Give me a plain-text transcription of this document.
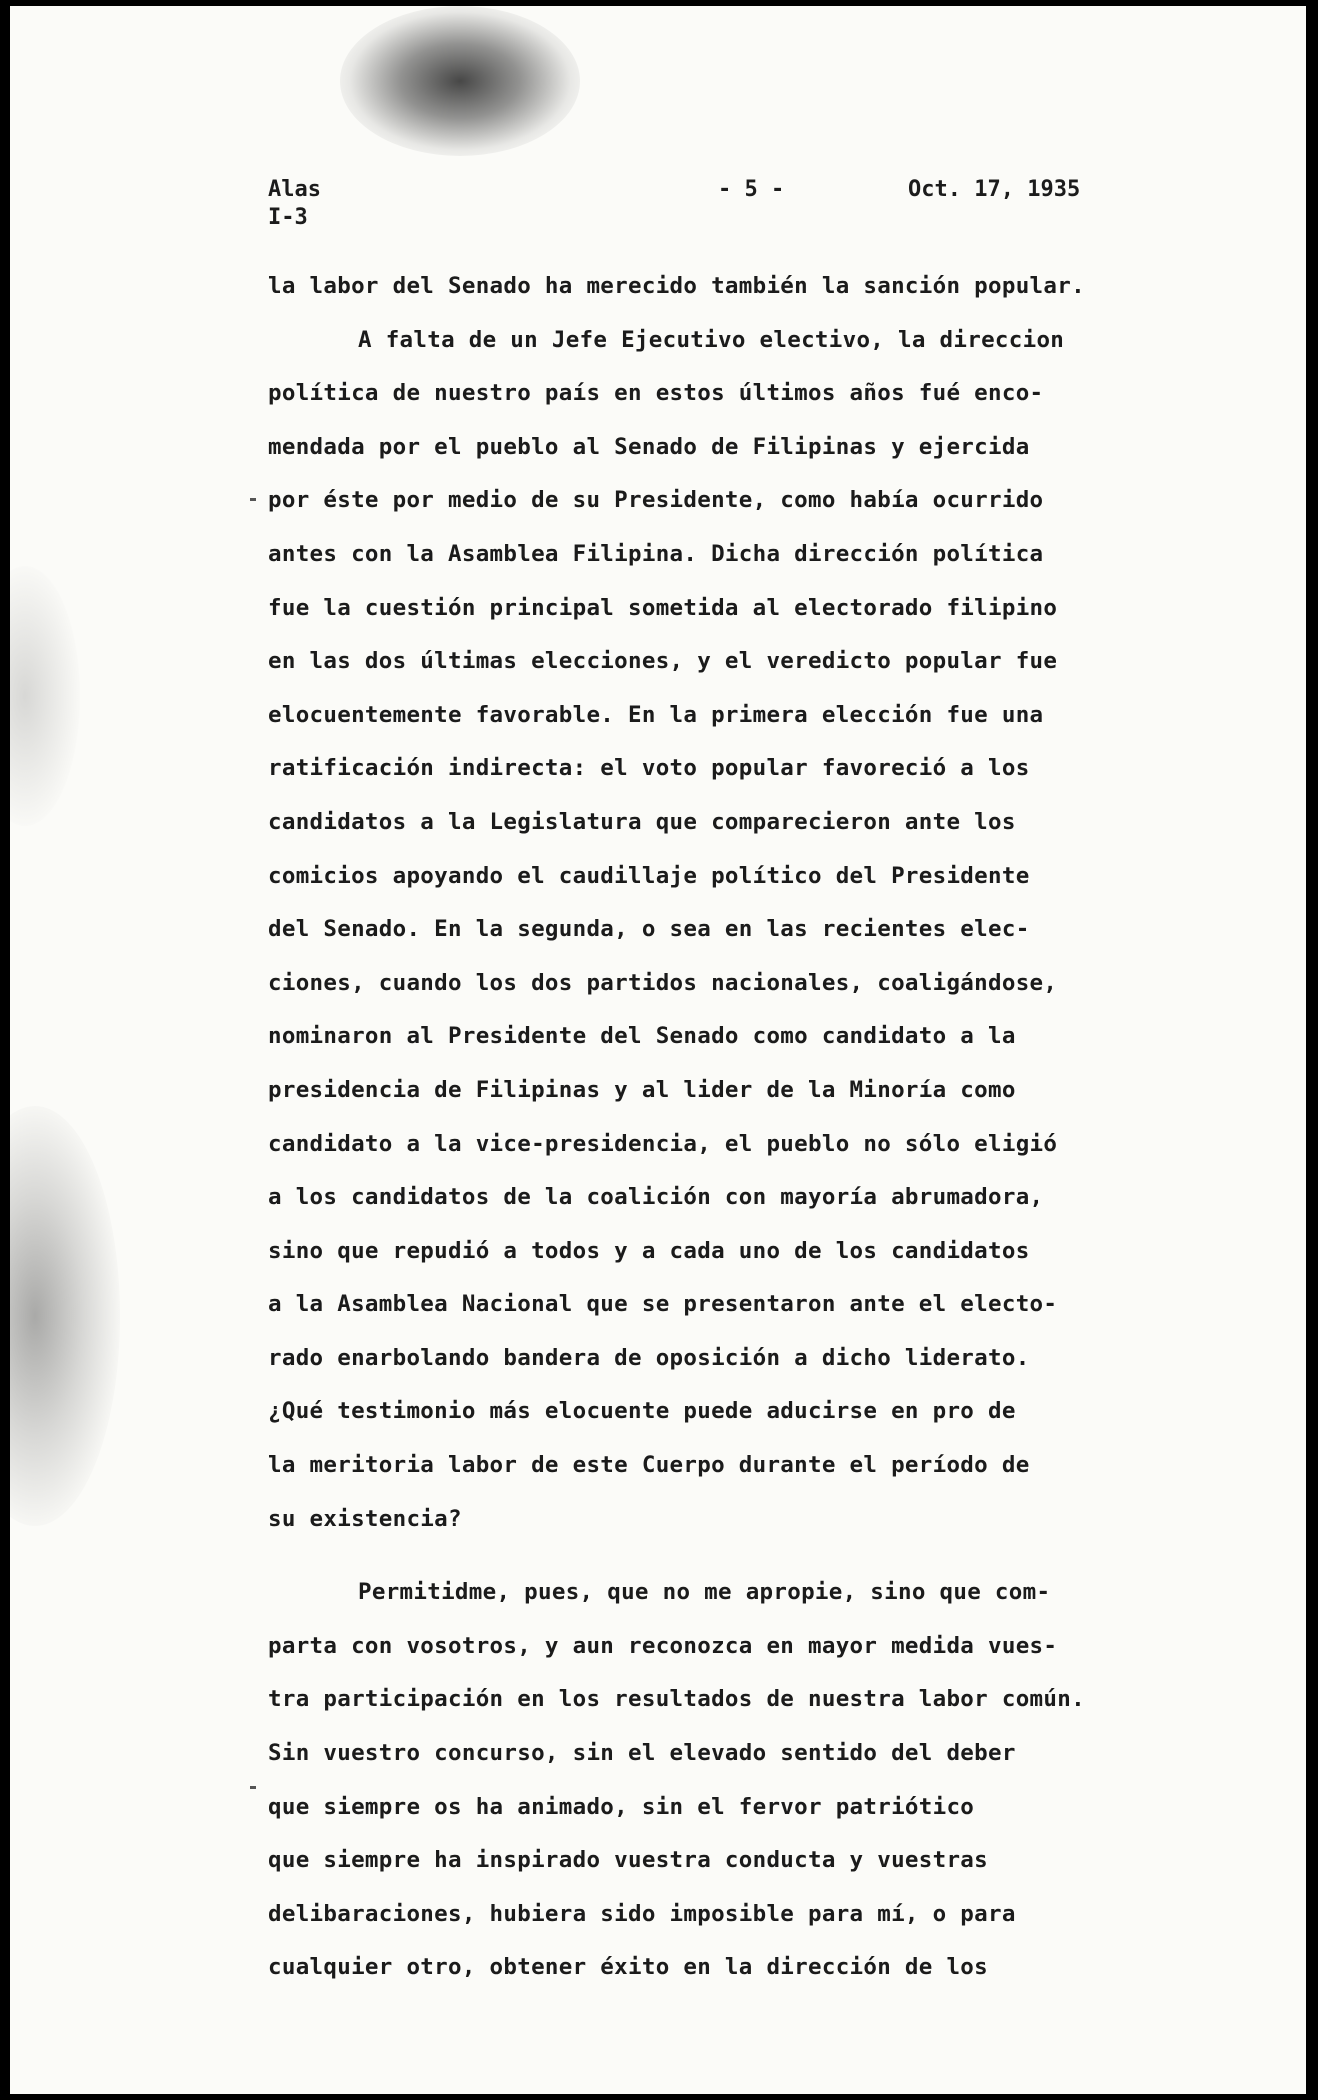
Alas
I-3
- 5 -	Oct. 17, 1935
la labor del Senado ha merecido también la sanción popular.
A falta de un Jefe Ejecutivo electivo, la direccion
política de nuestro país en estos últimos años fué enco-
mendada por el pueblo al Senado de Filipinas y ejercida
por éste por medio de su Presidente, como había ocurrido
antes con la Asamblea Filipina. Dicha dirección política
fue la cuestión principal sometida al electorado filipino
en las dos últimas elecciones, y el veredicto popular fue
elocuentemente favorable. En la primera elección fue una
ratificación indirecta: el voto popular favoreció a los
candidatos a la Legislatura que comparecieron ante los
comicios apoyando el caudillaje político del Presidente
del Senado. En la segunda, o sea en las recientes elec-
ciones, cuando los dos partidos nacionales, coaligándose,
nominaron al Presidente del Senado como candidato a la
presidencia de Filipinas y al lider de la Minoría como
candidato a la vice-presidencia, el pueblo no sólo eligió
a los candidatos de la coalición con mayoría abrumadora,
sino que repudió a todos y a cada uno de los candidatos
a la Asamblea Nacional que se presentaron ante el electo-
rado enarbolando bandera de oposición a dicho liderato.
¿Qué testimonio más elocuente puede aducirse en pro de
la meritoria labor de este Cuerpo durante el período de
su existencia?
Permitidme, pues, que no me apropie, sino que com-
parta con vosotros, y aun reconozca en mayor medida vues-
tra participación en los resultados de nuestra labor común.
Sin vuestro concurso, sin el elevado sentido del deber
que siempre os ha animado, sin el fervor patriótico
que siempre ha inspirado vuestra conducta y vuestras
delibaraciones, hubiera sido imposible para mí, o para
cualquier otro, obtener éxito en la dirección de los
